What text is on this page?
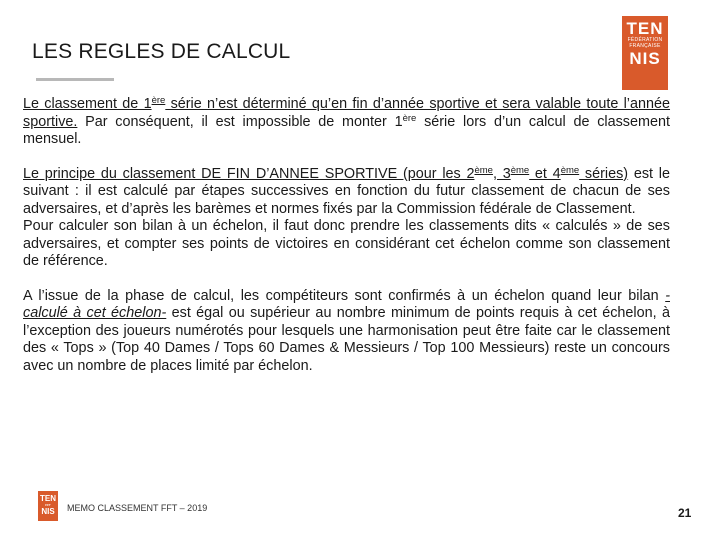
LES REGLES DE CALCUL
TEN
FÉDÉRATION FRANÇAISE
NIS

Le classement de 1ère série n’est déterminé qu’en fin d’année sportive et sera valable toute l’année sportive. Par conséquent, il est impossible de monter 1ère série lors d’un calcul de classement mensuel.

Le principe du classement DE FIN D’ANNEE SPORTIVE (pour les 2ème, 3ème et 4ème séries) est le suivant : il est calculé par étapes successives en fonction du futur classement de chacun de ses adversaires, et d’après les barèmes et normes fixés par la Commission fédérale de Classement.

Pour calculer son bilan à un échelon, il faut donc prendre les classements dits « calculés » de ses adversaires, et compter ses points de victoires en considérant cet échelon comme son classement de référence.

A l’issue de la phase de calcul, les compétiteurs sont confirmés à un échelon quand leur bilan -calculé à cet échelon- est égal ou supérieur au nombre minimum de points requis à cet échelon, à l’exception des joueurs numérotés pour lesquels une harmonisation peut être faite car le classement des « Tops » (Top 40 Dames / Tops 60 Dames & Messieurs / Top 100 Messieurs) reste un concours avec un nombre de places limité par échelon.

TEN
FFT
NIS	MEMO CLASSEMENT FFT – 2019	21
